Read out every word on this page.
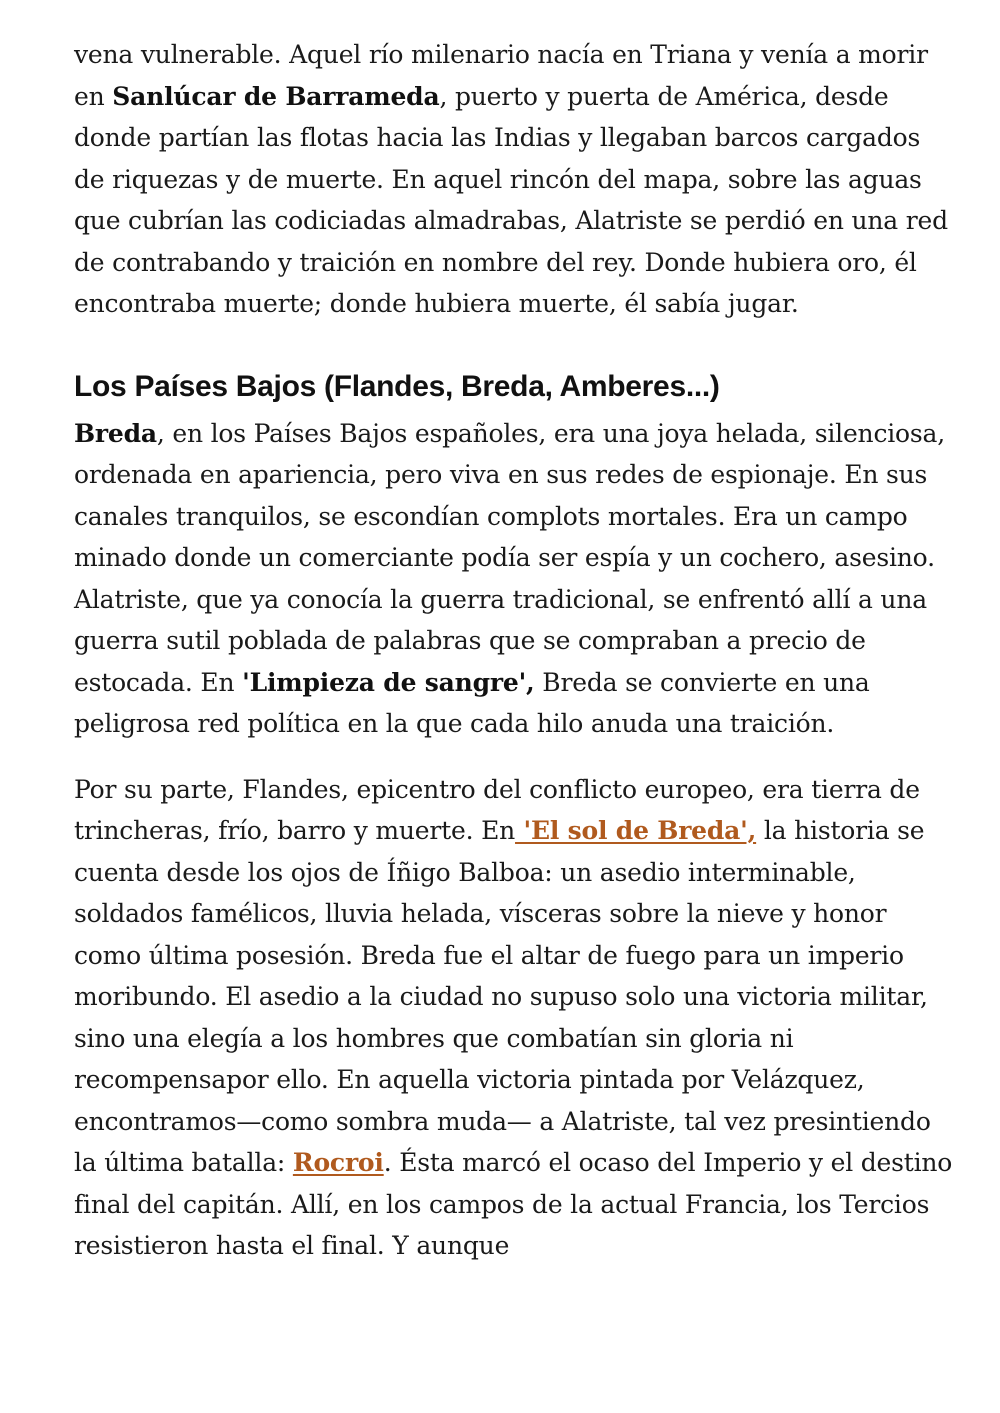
vena vulnerable. Aquel río milenario nacía en Triana y venía a morir en Sanlúcar de Barrameda, puerto y puerta de América, desde donde partían las flotas hacia las Indias y llegaban barcos cargados de riquezas y de muerte. En aquel rincón del mapa, sobre las aguas que cubrían las codiciadas almadrabas, Alatriste se perdió en una red de contrabando y traición en nombre del rey. Donde hubiera oro, él encontraba muerte; donde hubiera muerte, él sabía jugar.

Los Países Bajos (Flandes, Breda, Amberes...)

Breda, en los Países Bajos españoles, era una joya helada, silenciosa, ordenada en apariencia, pero viva en sus redes de espionaje. En sus canales tranquilos, se escondían complots mortales. Era un campo minado donde un comerciante podía ser espía y un cochero, asesino. Alatriste, que ya conocía la guerra tradicional, se enfrentó allí a una guerra sutil poblada de palabras que se compraban a precio de estocada. En 'Limpieza de sangre', Breda se convierte en una peligrosa red política en la que cada hilo anuda una traición.

Por su parte, Flandes, epicentro del conflicto europeo, era tierra de trincheras, frío, barro y muerte. En 'El sol de Breda', la historia se cuenta desde los ojos de Íñigo Balboa: un asedio interminable, soldados famélicos, lluvia helada, vísceras sobre la nieve y honor como última posesión. Breda fue el altar de fuego para un imperio moribundo. El asedio a la ciudad no supuso solo una victoria militar, sino una elegía a los hombres que combatían sin gloria ni recompensapor ello. En aquella victoria pintada por Velázquez, encontramos—como sombra muda— a Alatriste, tal vez presintiendo la última batalla: Rocroi. Ésta marcó el ocaso del Imperio y el destino final del capitán. Allí, en los campos de la actual Francia, los Tercios resistieron hasta el final. Y aunque
